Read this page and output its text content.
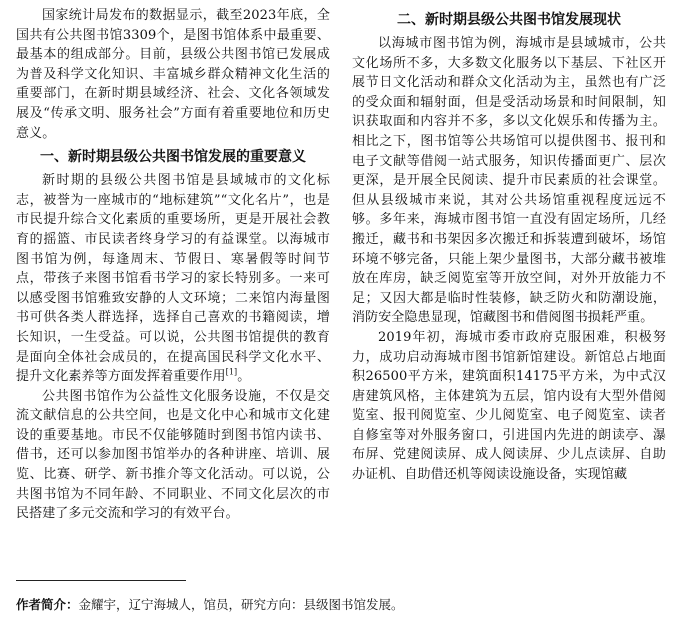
国家统计局发布的数据显示，截至2023年底，全国共有公共图书馆3309个，是图书馆体系中最重要、最基本的组成部分。目前，县级公共图书馆已发展成为普及科学文化知识、丰富城乡群众精神文化生活的重要部门，在新时期县域经济、社会、文化各领域发展及“传承文明、服务社会”方面有着重要地位和历史意义。

一、新时期县级公共图书馆发展的重要意义

新时期的县级公共图书馆是县域城市的文化标志，被誉为一座城市的“地标建筑”“文化名片”，也是市民提升综合文化素质的重要场所，更是开展社会教育的摇篮、市民读者终身学习的有益课堂。以海城市图书馆为例，每逢周末、节假日、寒暑假等时间节点，带孩子来图书馆看书学习的家长特别多。一来可以感受图书馆雅致安静的人文环境；二来馆内海量图书可供各类人群选择，选择自己喜欢的书籍阅读，增长知识，一生受益。可以说，公共图书馆提供的教育是面向全体社会成员的，在提高国民科学文化水平、提升文化素养等方面发挥着重要作用[1]。

公共图书馆作为公益性文化服务设施，不仅是交流文献信息的公共空间，也是文化中心和城市文化建设的重要基地。市民不仅能够随时到图书馆内读书、借书，还可以参加图书馆举办的各种讲座、培训、展览、比赛、研学、新书推介等文化活动。可以说，公共图书馆为不同年龄、不同职业、不同文化层次的市民搭建了多元交流和学习的有效平台。

二、新时期县级公共图书馆发展现状

以海城市图书馆为例，海城市是县域城市，公共文化场所不多，大多数文化服务以下基层、下社区开展节日文化活动和群众文化活动为主，虽然也有广泛的受众面和辐射面，但是受活动场景和时间限制，知识获取面和内容并不多，多以文化娱乐和传播为主。相比之下，图书馆等公共场馆可以提供图书、报刊和电子文献等借阅一站式服务，知识传播面更广、层次更深，是开展全民阅读、提升市民素质的社会课堂。但从县级城市来说，其对公共场馆重视程度远远不够。多年来，海城市图书馆一直没有固定场所，几经搬迁，藏书和书架因多次搬迁和拆装遭到破坏，场馆环境不够完备，只能上架少量图书，大部分藏书被堆放在库房，缺乏阅览室等开放空间，对外开放能力不足；又因大都是临时性装修，缺乏防火和防潮设施，消防安全隐患显现，馆藏图书和借阅图书损耗严重。

2019年初，海城市委市政府克服困难，积极努力，成功启动海城市图书馆新馆建设。新馆总占地面积26500平方米，建筑面积14175平方米，为中式汉唐建筑风格，主体建筑为五层，馆内设有大型外借阅览室、报刊阅览室、少儿阅览室、电子阅览室、读者自修室等对外服务窗口，引进国内先进的朗读亭、瀑布屏、党建阅读屏、成人阅读屏、少儿点读屏、自助办证机、自助借还机等阅读设施设备，实现馆藏

作者简介：金耀宇，辽宁海城人，馆员，研究方向：县级图书馆发展。
